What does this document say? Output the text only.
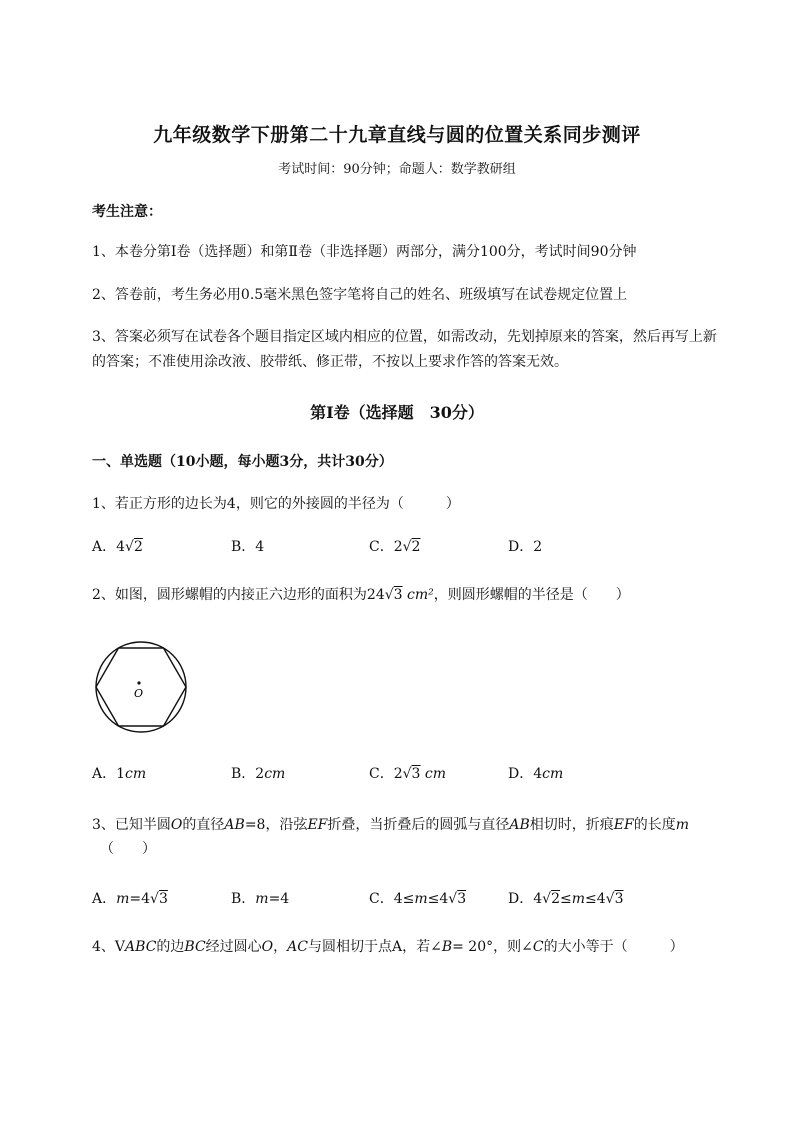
九年级数学下册第二十九章直线与圆的位置关系同步测评
考试时间：90分钟；命题人：数学教研组
考生注意：
1、本卷分第I卷（选择题）和第Ⅱ卷（非选择题）两部分，满分100分，考试时间90分钟
2、答卷前，考生务必用0.5毫米黑色签字笔将自己的姓名、班级填写在试卷规定位置上
3、答案必须写在试卷各个题目指定区域内相应的位置，如需改动，先划掉原来的答案，然后再写上新
的答案；不准使用涂改液、胶带纸、修正带，不按以上要求作答的答案无效。
第I卷（选择题　30分）
一、单选题（10小题，每小题3分，共计30分）
1、若正方形的边长为4，则它的外接圆的半径为（　　　）
A．4√2	B．4	C．2√2	D．2
2、如图，圆形螺帽的内接正六边形的面积为24√3 cm²，则圆形螺帽的半径是（　　）
O
A．1cm	B．2cm	C．2√3 cm	D．4cm
3、已知半圆O的直径AB=8，沿弦EF折叠，当折叠后的圆弧与直径AB相切时，折痕EF的长度m
（　　）
A．m=4√3	B．m=4	C．4≤m≤4√3	D．4√2≤m≤4√3
4、VABC的边BC经过圆心O，AC与圆相切于点A，若∠B= 20°，则∠C的大小等于（　　　）
